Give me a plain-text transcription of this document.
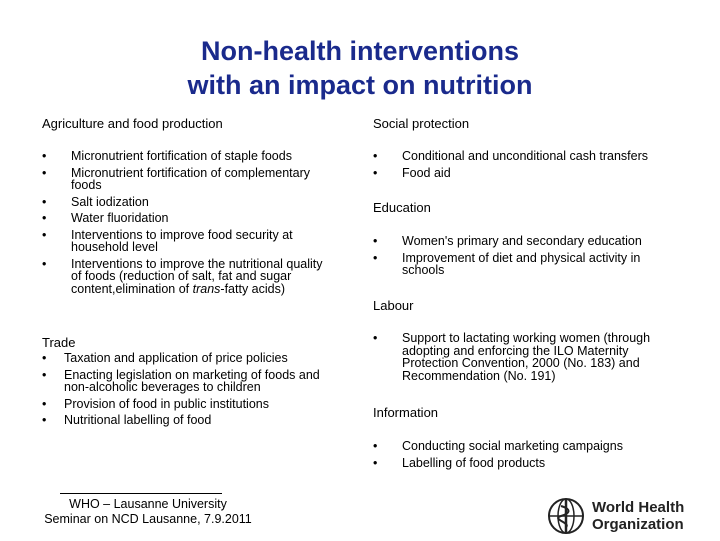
Non-health interventions
with an impact on nutrition
Agriculture and food production
• Micronutrient fortification of staple foods
• Micronutrient fortification of complementary foods
• Salt iodization
• Water fluoridation
• Interventions to improve food security at household level
• Interventions to improve the nutritional quality of foods (reduction of salt, fat and sugar content,elimination of trans-fatty acids)
Trade
• Taxation and application of price policies
• Enacting legislation on marketing of foods and non-alcoholic beverages to children
• Provision of food in public institutions
• Nutritional labelling of food
Social protection
• Conditional and unconditional cash transfers
• Food aid
Education
• Women's primary and secondary education
• Improvement of diet and physical activity in schools
Labour
• Support to lactating working women (through adopting and enforcing the ILO Maternity Protection Convention, 2000 (No. 183) and Recommendation (No. 191)
Information
• Conducting social marketing campaigns
• Labelling of food products
WHO – Lausanne University
Seminar on NCD Lausanne, 7.9.2011
World Health
Organization
